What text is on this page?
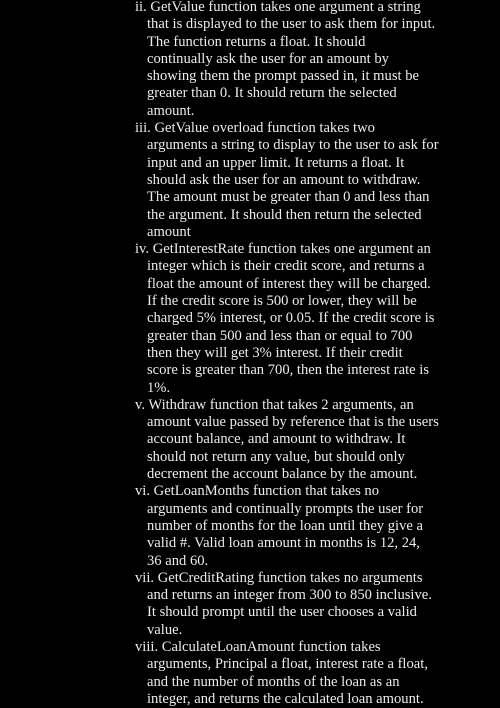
ii. GetValue function takes one argument a string
that is displayed to the user to ask them for input.
The function returns a float. It should
continually ask the user for an amount by
showing them the prompt passed in, it must be
greater than 0. It should return the selected
amount.
iii. GetValue overload function takes two
arguments a string to display to the user to ask for
input and an upper limit. It returns a float. It
should ask the user for an amount to withdraw.
The amount must be greater than 0 and less than
the argument. It should then return the selected
amount
iv. GetInterestRate function takes one argument an
integer which is their credit score, and returns a
float the amount of interest they will be charged.
If the credit score is 500 or lower, they will be
charged 5% interest, or 0.05. If the credit score is
greater than 500 and less than or equal to 700
then they will get 3% interest. If their credit
score is greater than 700, then the interest rate is
1%.
v. Withdraw function that takes 2 arguments, an
amount value passed by reference that is the users
account balance, and amount to withdraw. It
should not return any value, but should only
decrement the account balance by the amount.
vi. GetLoanMonths function that takes no
arguments and continually prompts the user for
number of months for the loan until they give a
valid #. Valid loan amount in months is 12, 24,
36 and 60.
vii. GetCreditRating function takes no arguments
and returns an integer from 300 to 850 inclusive.
It should prompt until the user chooses a valid
value.
viii. CalculateLoanAmount function takes
arguments, Principal a float, interest rate a float,
and the number of months of the loan as an
integer, and returns the calculated loan amount.
